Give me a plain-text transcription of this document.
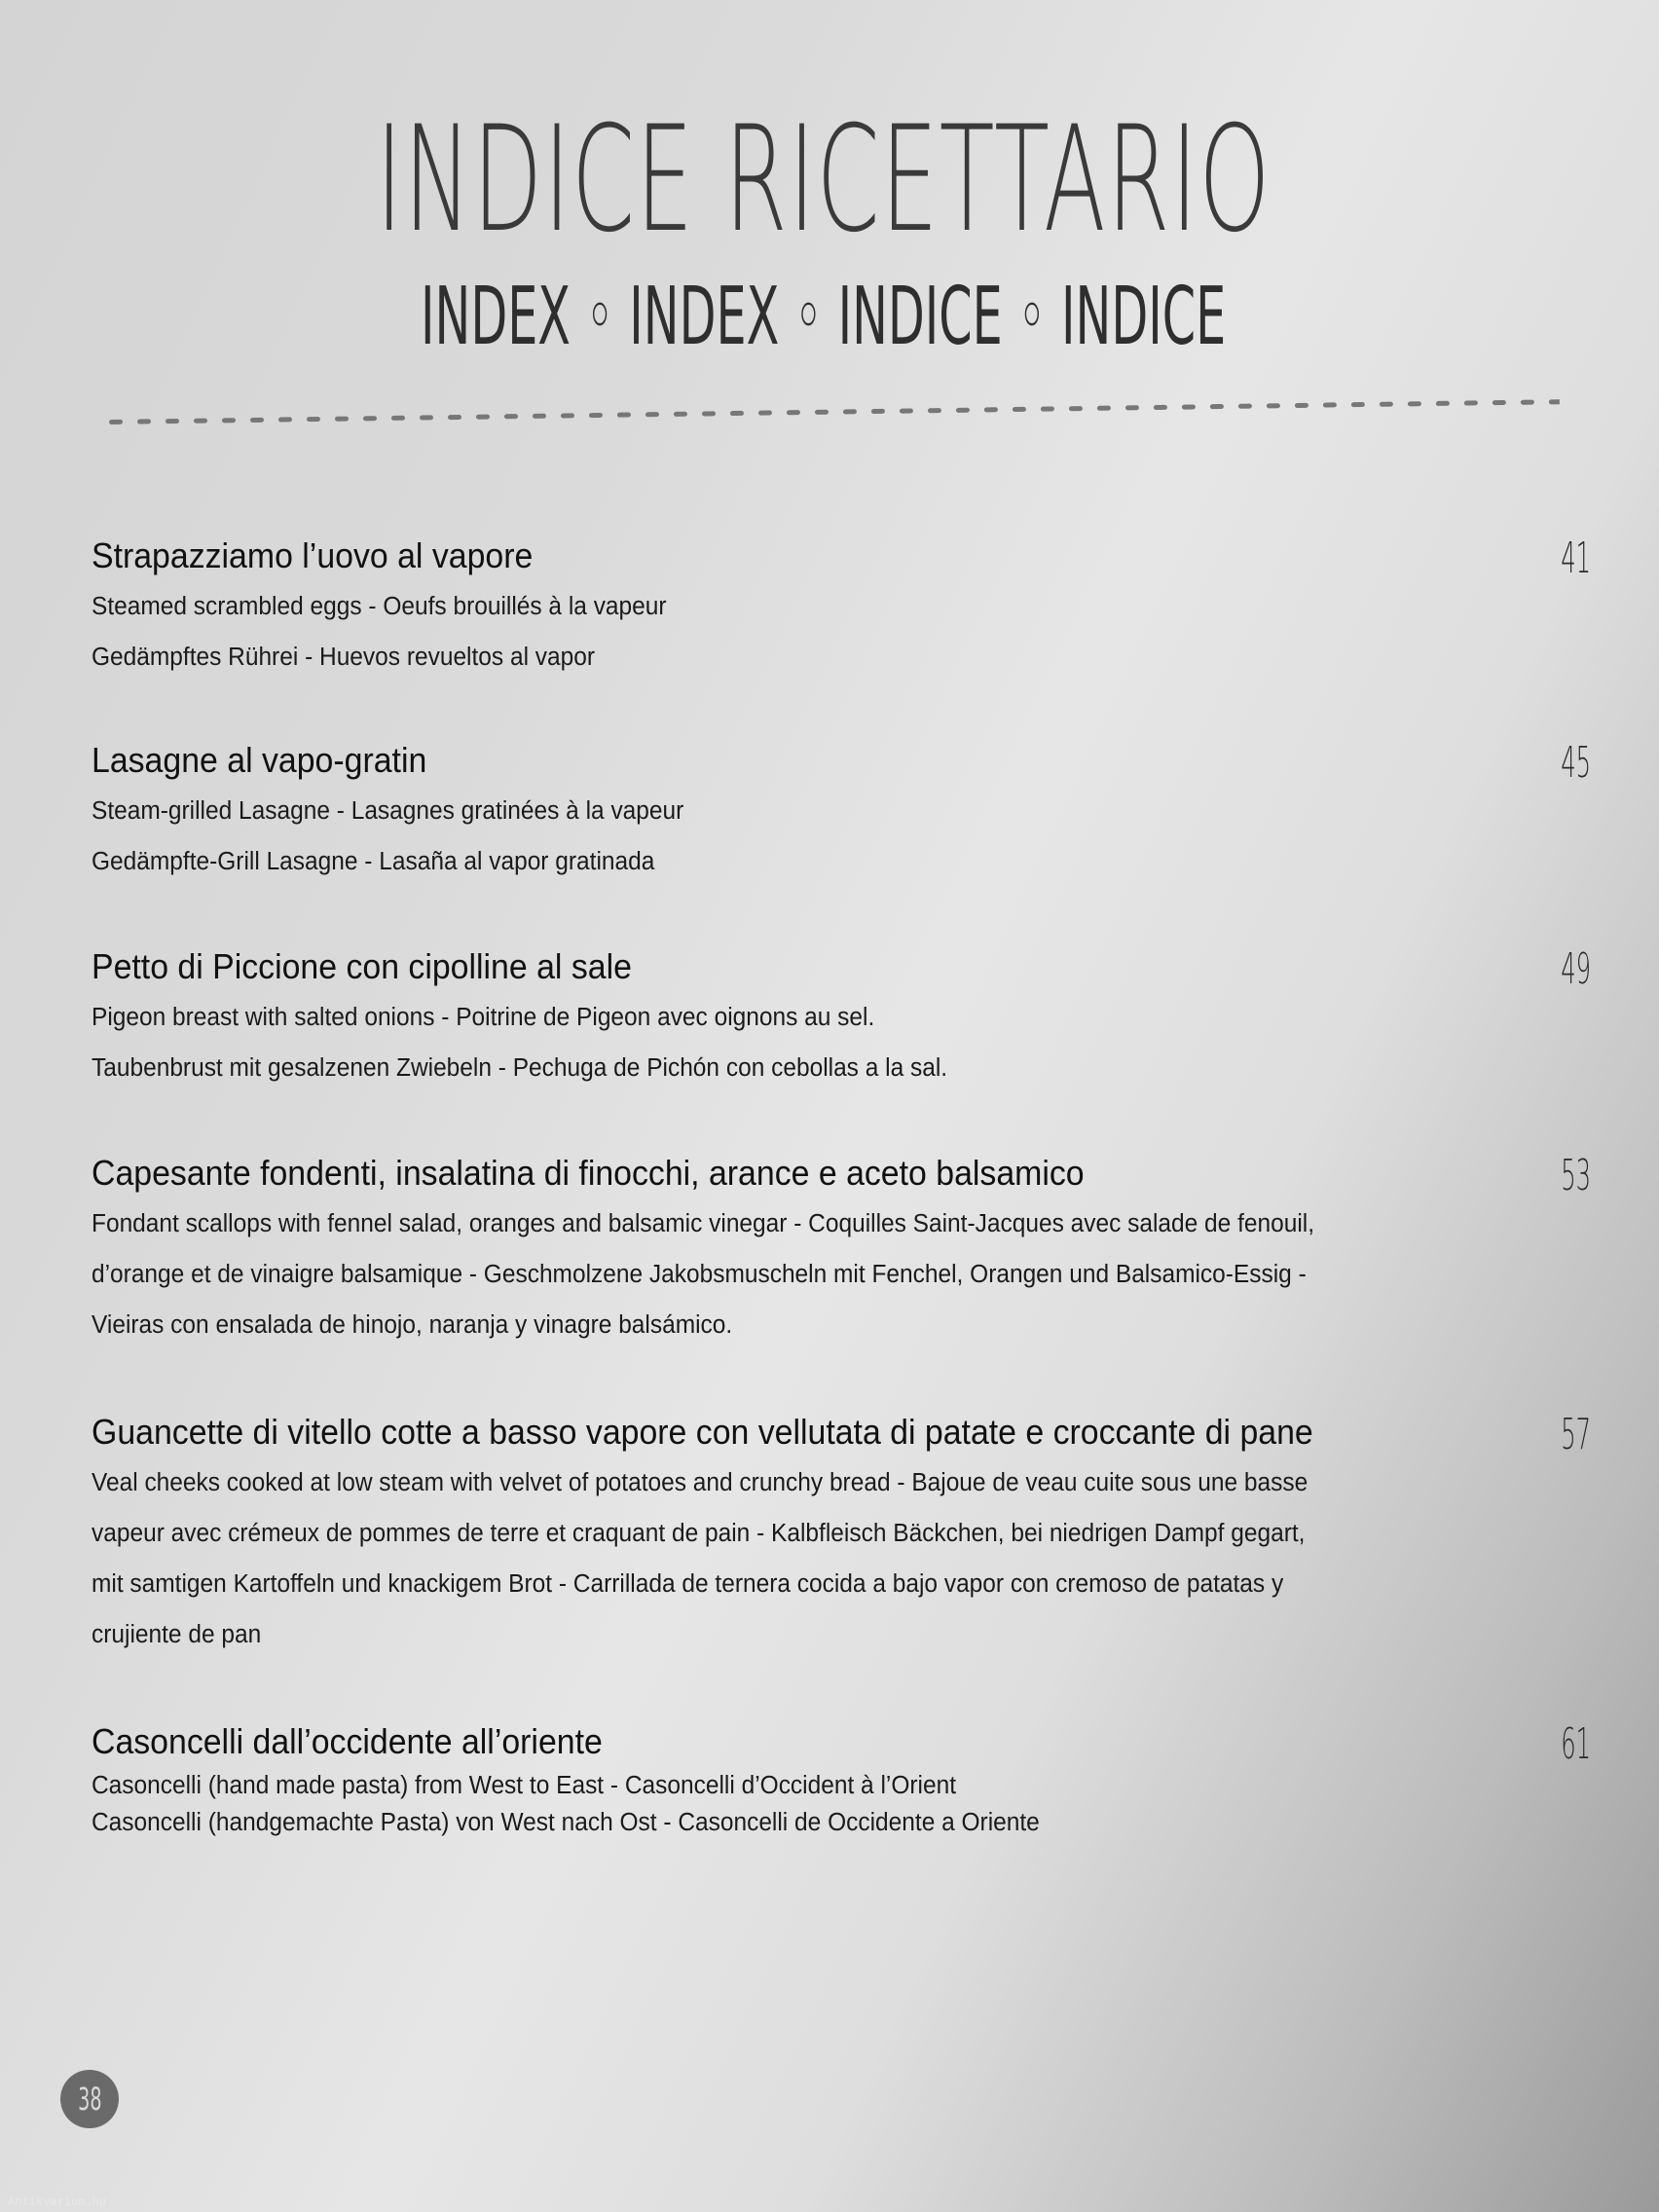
INDICE RICETTARIO
INDEX ◦ INDEX ◦ INDICE ◦ INDICE
Strapazziamo l’uovo al vapore	41
Steamed scrambled eggs - Oeufs brouillés à la vapeur
Gedämpftes Rührei - Huevos revueltos al vapor
Lasagne al vapo-gratin	45
Steam-grilled Lasagne - Lasagnes gratinées à la vapeur
Gedämpfte-Grill Lasagne - Lasaña al vapor gratinada
Petto di Piccione con cipolline al sale	49
Pigeon breast with salted onions - Poitrine de Pigeon avec oignons au sel.
Taubenbrust mit gesalzenen Zwiebeln - Pechuga de Pichón con cebollas a la sal.
Capesante fondenti, insalatina di finocchi, arance e aceto balsamico	53
Fondant scallops with fennel salad, oranges and balsamic vinegar - Coquilles Saint-Jacques avec salade de fenouil,
d’orange et de vinaigre balsamique - Geschmolzene Jakobsmuscheln mit Fenchel, Orangen und Balsamico-Essig -
Vieiras con ensalada de hinojo, naranja y vinagre balsámico.
Guancette di vitello cotte a basso vapore con vellutata di patate e croccante di pane	57
Veal cheeks cooked at low steam with velvet of potatoes and crunchy bread - Bajoue de veau cuite sous une basse
vapeur avec crémeux de pommes de terre et craquant de pain - Kalbfleisch Bäckchen, bei niedrigen Dampf gegart,
mit samtigen Kartoffeln und knackigem Brot - Carrillada de ternera cocida a bajo vapor con cremoso de patatas y
crujiente de pan
Casoncelli dall’occidente all’oriente	61
Casoncelli (hand made pasta) from West to East - Casoncelli d’Occident à l’Orient
Casoncelli (handgemachte Pasta) von West nach Ost - Casoncelli de Occidente a Oriente
38
Antikvarium.hu
